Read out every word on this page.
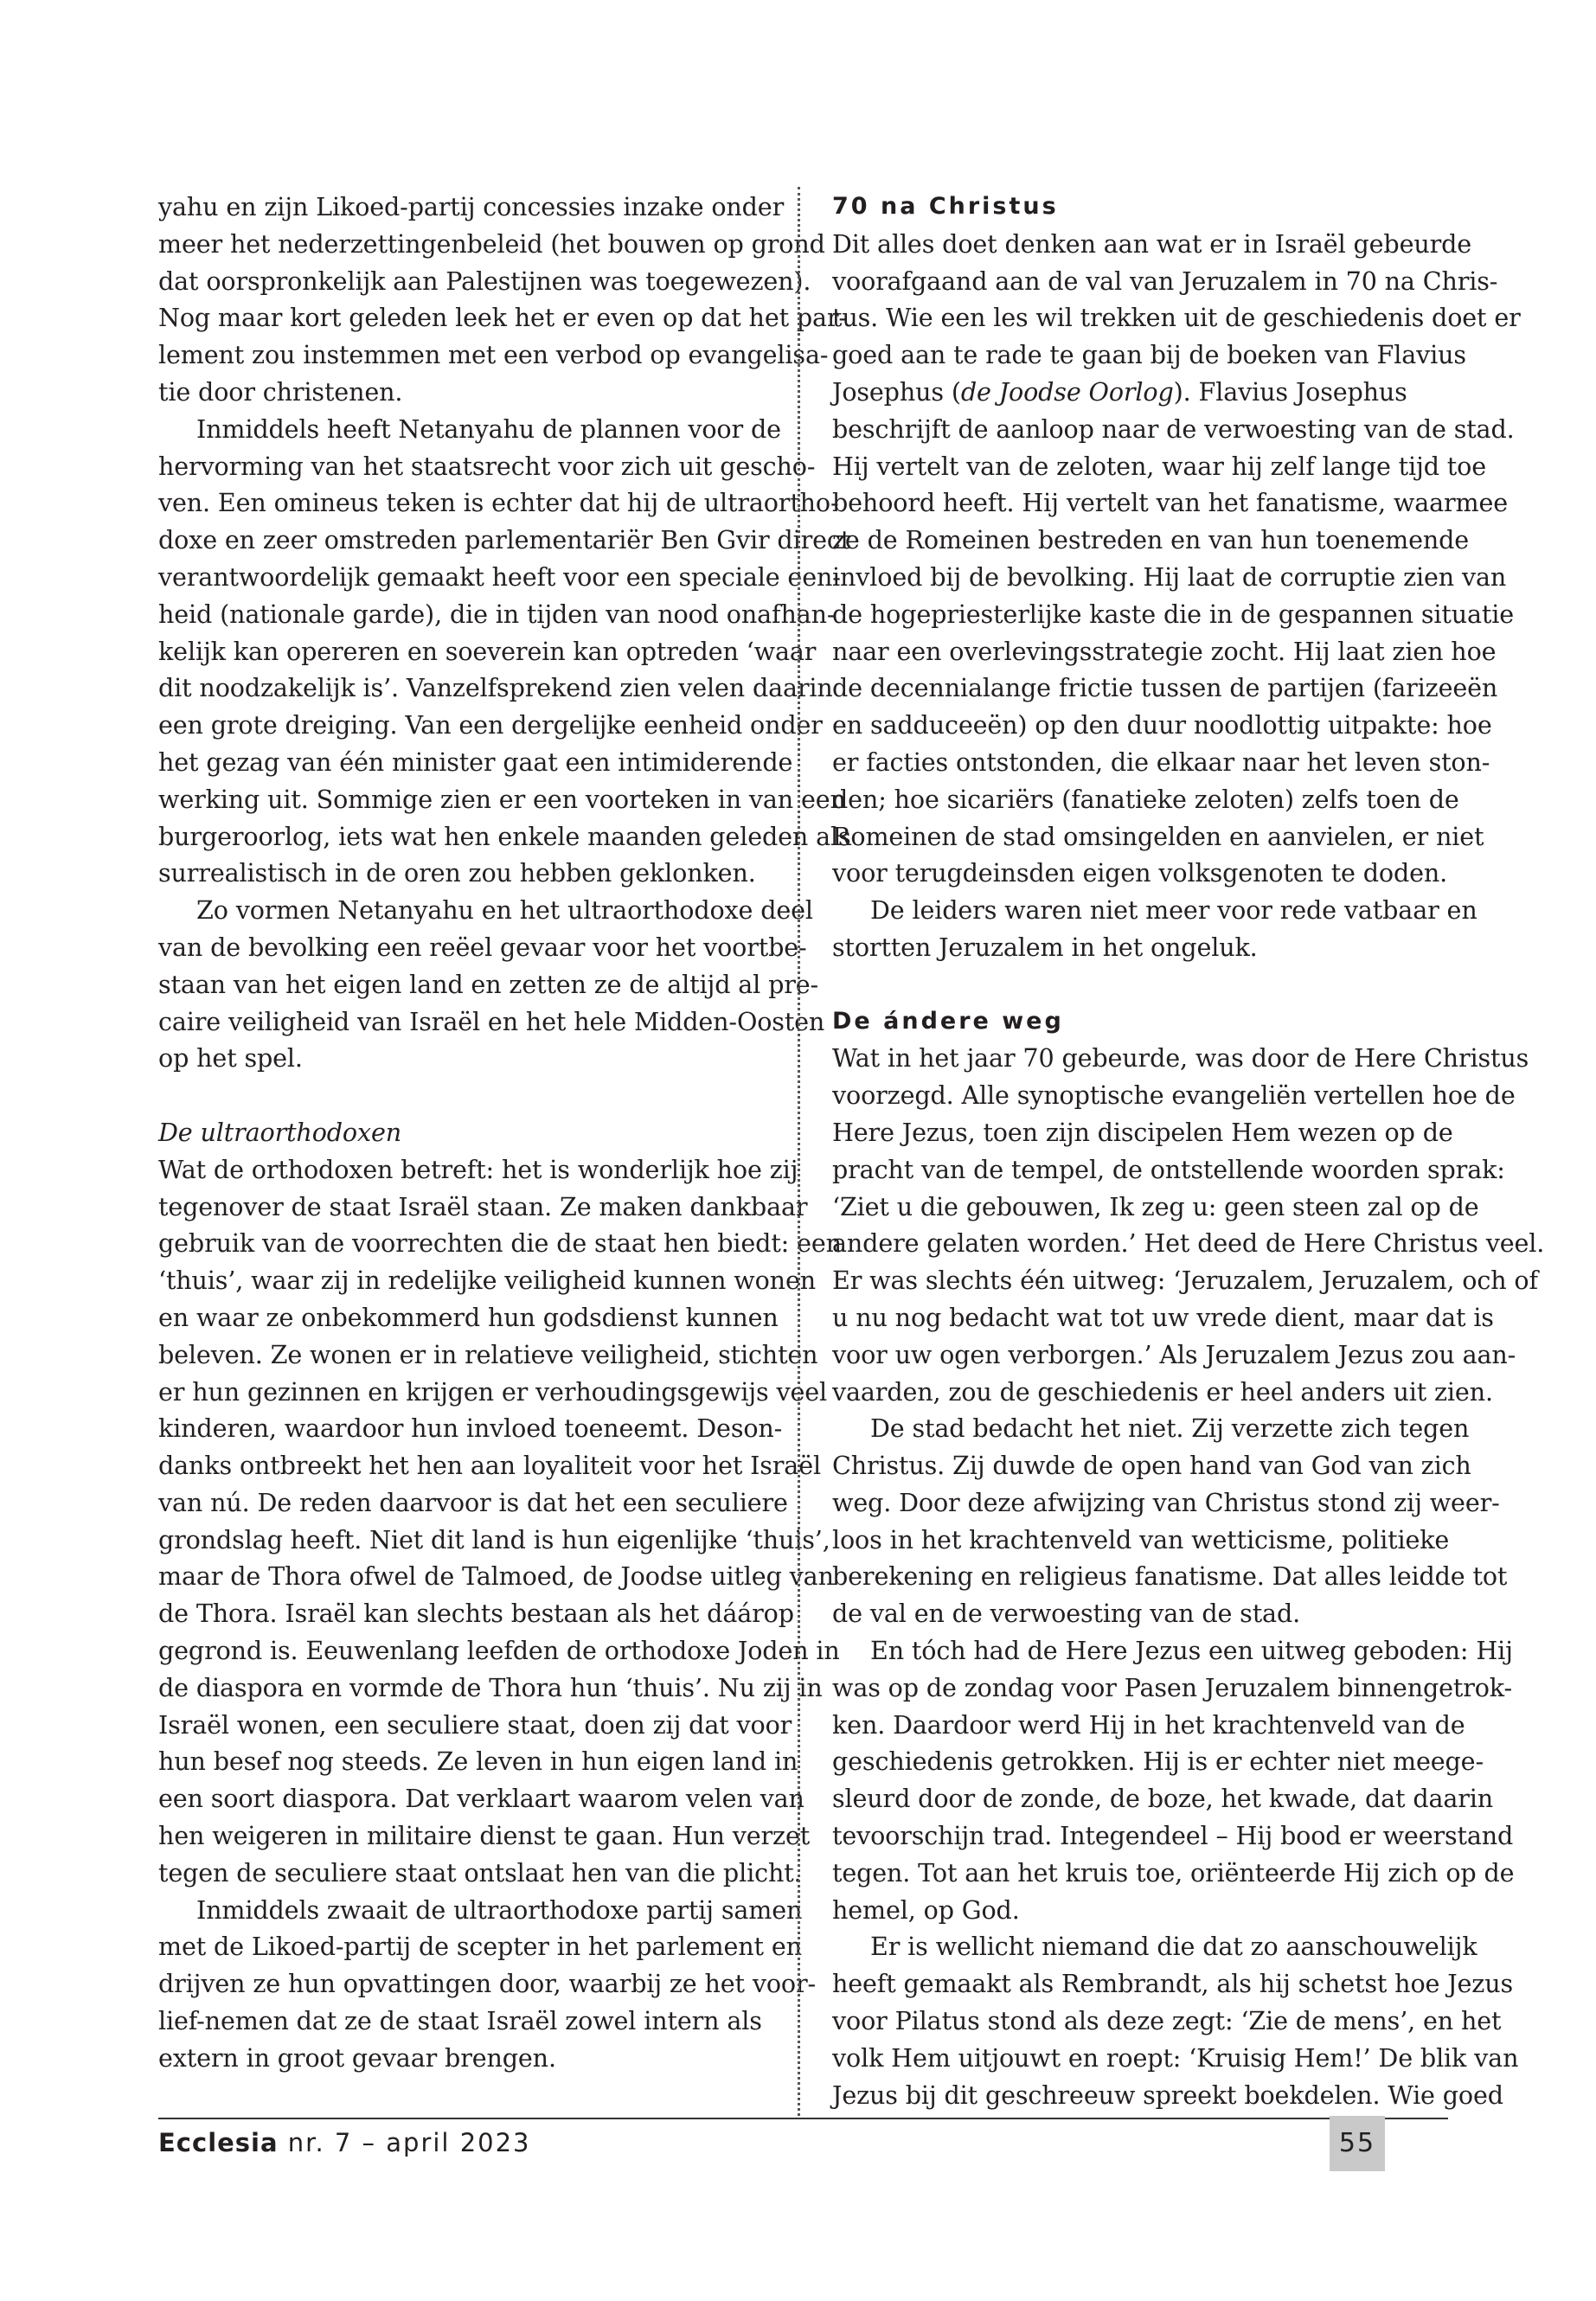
yahu en zijn Likoed-partij concessies inzake onder
meer het nederzettingenbeleid (het bouwen op grond
dat oorspronkelijk aan Palestijnen was toegewezen).
Nog maar kort geleden leek het er even op dat het par-
lement zou instemmen met een verbod op evangelisa-
tie door christenen.
Inmiddels heeft Netanyahu de plannen voor de
hervorming van het staatsrecht voor zich uit gescho-
ven. Een omineus teken is echter dat hij de ultraortho-
doxe en zeer omstreden parlementariër Ben Gvir direct
verantwoordelijk gemaakt heeft voor een speciale een-
heid (nationale garde), die in tijden van nood onafhan-
kelijk kan opereren en soeverein kan optreden ‘waar
dit noodzakelijk is’. Vanzelfsprekend zien velen daarin
een grote dreiging. Van een dergelijke eenheid onder
het gezag van één minister gaat een intimiderende
werking uit. Sommige zien er een voorteken in van een
burgeroorlog, iets wat hen enkele maanden geleden als
surrealistisch in de oren zou hebben geklonken.
Zo vormen Netanyahu en het ultraorthodoxe deel
van de bevolking een reëel gevaar voor het voortbe-
staan van het eigen land en zetten ze de altijd al pre-
caire veiligheid van Israël en het hele Midden-Oosten
op het spel.
De ultraorthodoxen
Wat de orthodoxen betreft: het is wonderlijk hoe zij
tegenover de staat Israël staan. Ze maken dankbaar
gebruik van de voorrechten die de staat hen biedt: een
‘thuis’, waar zij in redelijke veiligheid kunnen wonen
en waar ze onbekommerd hun godsdienst kunnen
beleven. Ze wonen er in relatieve veiligheid, stichten
er hun gezinnen en krijgen er verhoudingsgewijs veel
kinderen, waardoor hun invloed toeneemt. Deson-
danks ontbreekt het hen aan loyaliteit voor het Israël
van nú. De reden daarvoor is dat het een seculiere
grondslag heeft. Niet dit land is hun eigenlijke ‘thuis’,
maar de Thora ofwel de Talmoed, de Joodse uitleg van
de Thora. Israël kan slechts bestaan als het dáárop
gegrond is. Eeuwenlang leefden de orthodoxe Joden in
de diaspora en vormde de Thora hun ‘thuis’. Nu zij in
Israël wonen, een seculiere staat, doen zij dat voor
hun besef nog steeds. Ze leven in hun eigen land in
een soort diaspora. Dat verklaart waarom velen van
hen weigeren in militaire dienst te gaan. Hun verzet
tegen de seculiere staat ontslaat hen van die plicht.
Inmiddels zwaait de ultraorthodoxe partij samen
met de Likoed-partij de scepter in het parlement en
drijven ze hun opvattingen door, waarbij ze het voor-
lief-nemen dat ze de staat Israël zowel intern als
extern in groot gevaar brengen.
70 na Christus
Dit alles doet denken aan wat er in Israël gebeurde
voorafgaand aan de val van Jeruzalem in 70 na Chris-
tus. Wie een les wil trekken uit de geschiedenis doet er
goed aan te rade te gaan bij de boeken van Flavius
Josephus (de Joodse Oorlog). Flavius Josephus
beschrijft de aanloop naar de verwoesting van de stad.
Hij vertelt van de zeloten, waar hij zelf lange tijd toe
behoord heeft. Hij vertelt van het fanatisme, waarmee
ze de Romeinen bestreden en van hun toenemende
invloed bij de bevolking. Hij laat de corruptie zien van
de hogepriesterlijke kaste die in de gespannen situatie
naar een overlevingsstrategie zocht. Hij laat zien hoe
de decennialange frictie tussen de partijen (farizeeën
en sadduceeën) op den duur noodlottig uitpakte: hoe
er facties ontstonden, die elkaar naar het leven ston-
den; hoe sicariërs (fanatieke zeloten) zelfs toen de
Romeinen de stad omsingelden en aanvielen, er niet
voor terugdeinsden eigen volksgenoten te doden.
De leiders waren niet meer voor rede vatbaar en
stortten Jeruzalem in het ongeluk.
De ándere weg
Wat in het jaar 70 gebeurde, was door de Here Christus
voorzegd. Alle synoptische evangeliën vertellen hoe de
Here Jezus, toen zijn discipelen Hem wezen op de
pracht van de tempel, de ontstellende woorden sprak:
‘Ziet u die gebouwen, Ik zeg u: geen steen zal op de
andere gelaten worden.’ Het deed de Here Christus veel.
Er was slechts één uitweg: ‘Jeruzalem, Jeruzalem, och of
u nu nog bedacht wat tot uw vrede dient, maar dat is
voor uw ogen verborgen.’ Als Jeruzalem Jezus zou aan-
vaarden, zou de geschiedenis er heel anders uit zien.
De stad bedacht het niet. Zij verzette zich tegen
Christus. Zij duwde de open hand van God van zich
weg. Door deze afwijzing van Christus stond zij weer-
loos in het krachtenveld van wetticisme, politieke
berekening en religieus fanatisme. Dat alles leidde tot
de val en de verwoesting van de stad.
En tóch had de Here Jezus een uitweg geboden: Hij
was op de zondag voor Pasen Jeruzalem binnengetrok-
ken. Daardoor werd Hij in het krachtenveld van de
geschiedenis getrokken. Hij is er echter niet meege-
sleurd door de zonde, de boze, het kwade, dat daarin
tevoorschijn trad. Integendeel – Hij bood er weerstand
tegen. Tot aan het kruis toe, oriënteerde Hij zich op de
hemel, op God.
Er is wellicht niemand die dat zo aanschouwelijk
heeft gemaakt als Rembrandt, als hij schetst hoe Jezus
voor Pilatus stond als deze zegt: ‘Zie de mens’, en het
volk Hem uitjouwt en roept: ‘Kruisig Hem!’ De blik van
Jezus bij dit geschreeuw spreekt boekdelen. Wie goed
Ecclesia nr. 7 – april 2023	55
